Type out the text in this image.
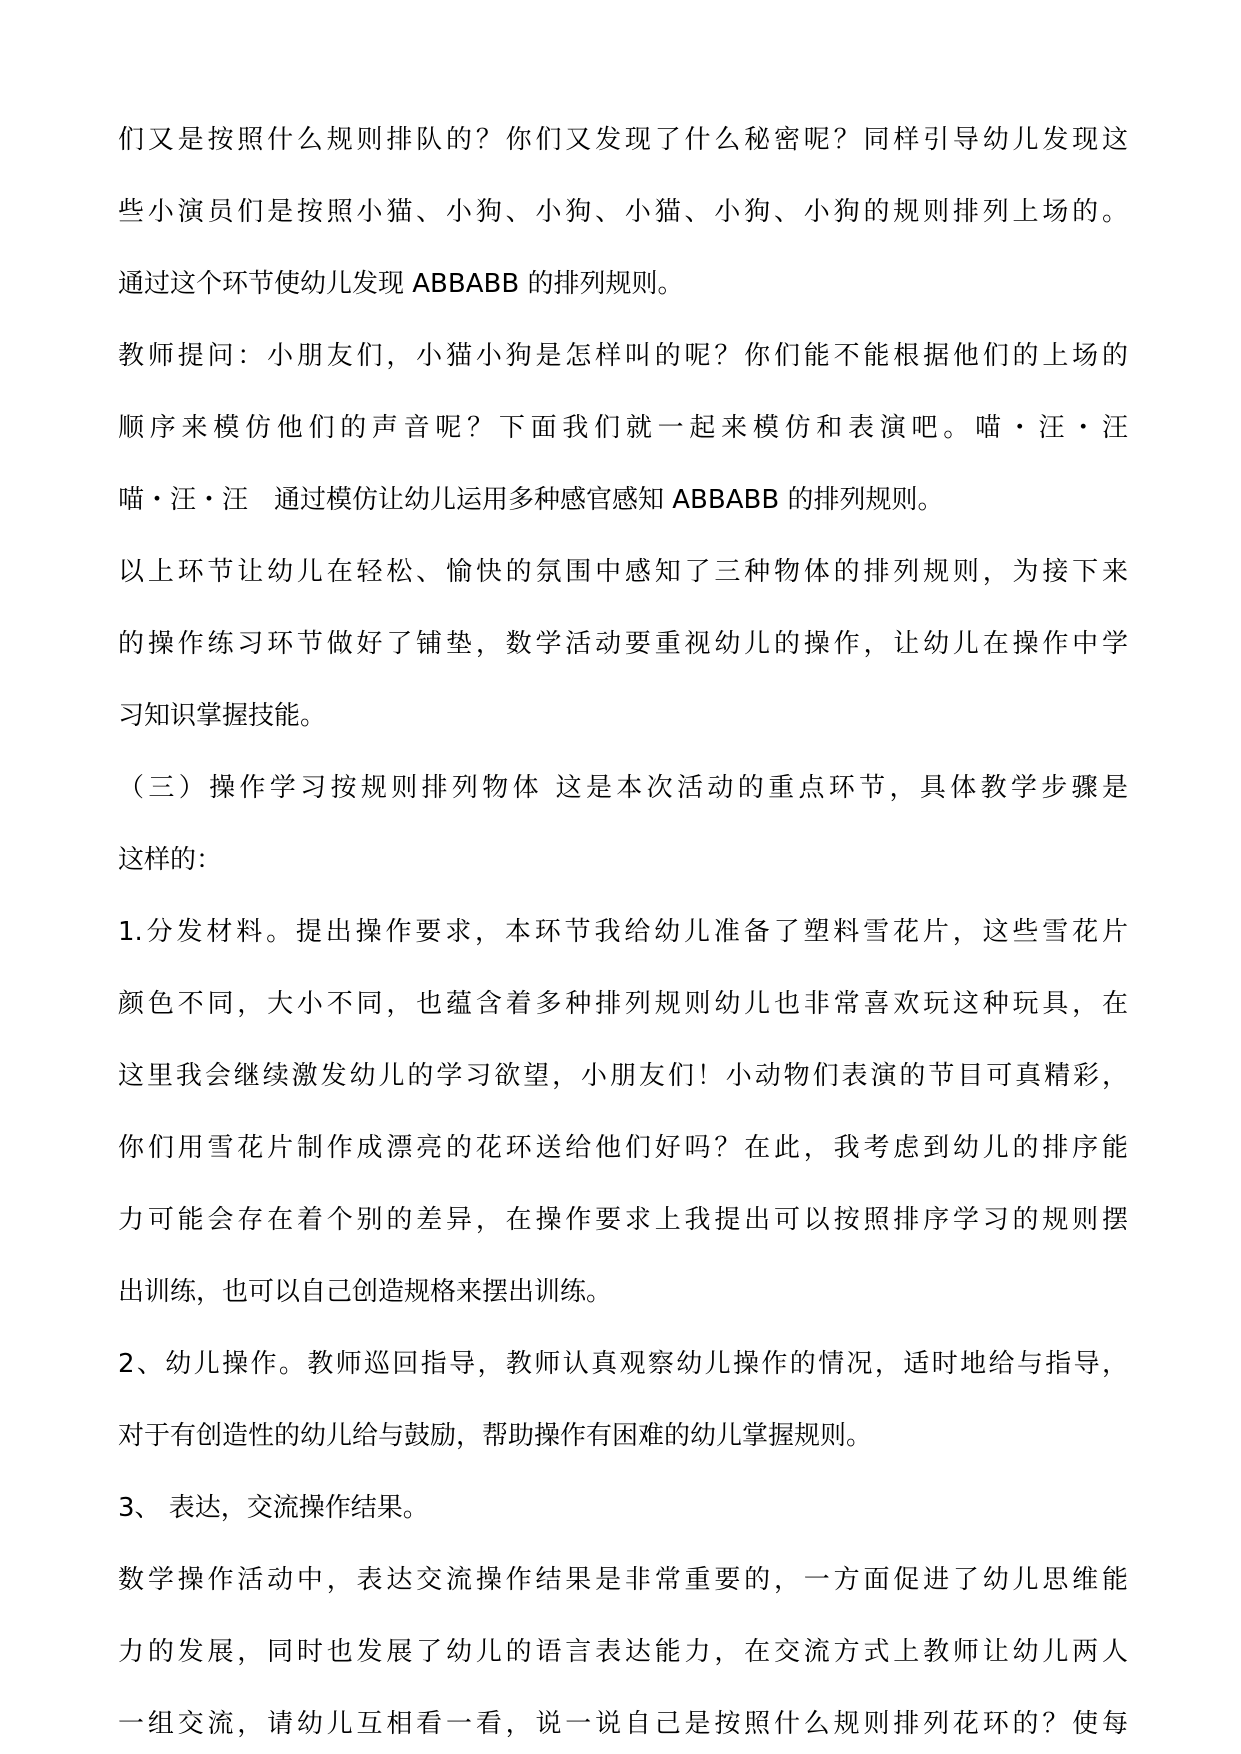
们又是按照什么规则排队的？你们又发现了什么秘密呢？同样引导幼儿发现这
些小演员们是按照小猫、小狗、小狗、小猫、小狗、小狗的规则排列上场的。
通过这个环节使幼儿发现 ABBABB 的排列规则。
教师提问：小朋友们，小猫小狗是怎样叫的呢？你们能不能根据他们的上场的
顺序来模仿他们的声音呢？下面我们就一起来模仿和表演吧。喵・汪・汪
喵・汪・汪　通过模仿让幼儿运用多种感官感知 ABBABB 的排列规则。
以上环节让幼儿在轻松、愉快的氛围中感知了三种物体的排列规则，为接下来
的操作练习环节做好了铺垫，数学活动要重视幼儿的操作，让幼儿在操作中学
习知识掌握技能。
（三）操作学习按规则排列物体 这是本次活动的重点环节，具体教学步骤是
这样的：
1.分发材料。提出操作要求，本环节我给幼儿准备了塑料雪花片，这些雪花片
颜色不同，大小不同，也蕴含着多种排列规则幼儿也非常喜欢玩这种玩具，在
这里我会继续激发幼儿的学习欲望，小朋友们！小动物们表演的节目可真精彩，
你们用雪花片制作成漂亮的花环送给他们好吗？在此，我考虑到幼儿的排序能
力可能会存在着个别的差异，在操作要求上我提出可以按照排序学习的规则摆
出训练，也可以自己创造规格来摆出训练。
2、幼儿操作。教师巡回指导，教师认真观察幼儿操作的情况，适时地给与指导，
对于有创造性的幼儿给与鼓励，帮助操作有困难的幼儿掌握规则。
3、 表达，交流操作结果。
数学操作活动中，表达交流操作结果是非常重要的，一方面促进了幼儿思维能
力的发展，同时也发展了幼儿的语言表达能力，在交流方式上教师让幼儿两人
一组交流，请幼儿互相看一看，说一说自己是按照什么规则排列花环的？使每
